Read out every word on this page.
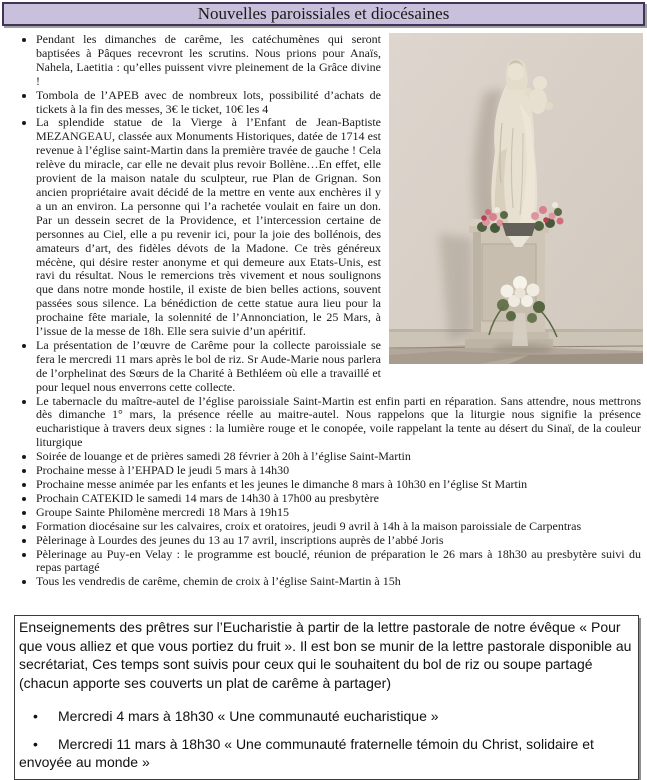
Nouvelles paroissiales et diocésaines
• Pendant les dimanches de carême, les catéchumènes qui seront baptisées à Pâques recevront les scrutins. Nous prions pour Anaïs, Nahela, Laetitia : qu’elles puissent vivre pleinement de la Grâce divine !
• Tombola de l’APEB avec de nombreux lots, possibilité d’achats de tickets à la fin des messes, 3€ le ticket, 10€ les 4
• La splendide statue de la Vierge à l’Enfant de Jean-Baptiste MEZANGEAU, classée aux Monuments Historiques, datée de 1714 est revenue à l’église saint-Martin dans la première travée de gauche ! Cela relève du miracle, car elle ne devait plus revoir Bollène…En effet, elle provient de la maison natale du sculpteur, rue Plan de Grignan. Son ancien propriétaire avait décidé de la mettre en vente aux enchères il y a un an environ. La personne qui l’a rachetée voulait en faire un don. Par un dessein secret de la Providence, et l’intercession certaine de personnes au Ciel, elle a pu revenir ici, pour la joie des bollénois, des amateurs d’art, des fidèles dévots de la Madone. Ce très généreux mécène, qui désire rester anonyme et qui demeure aux Etats-Unis, est ravi du résultat. Nous le remercions très vivement et nous soulignons que dans notre monde hostile, il existe de bien belles actions, souvent passées sous silence. La bénédiction de cette statue aura lieu pour la prochaine fête mariale, la solennité de l’Annonciation, le 25 Mars, à l’issue de la messe de 18h. Elle sera suivie d’un apéritif.
• La présentation de l’œuvre de Carême pour la collecte paroissiale se fera le mercredi 11 mars après le bol de riz. Sr Aude-Marie nous parlera de l’orphelinat des Sœurs de la Charité à Bethléem où elle a travaillé et pour lequel nous enverrons cette collecte.
• Le tabernacle du maître-autel de l’église paroissiale Saint-Martin est enfin parti en réparation. Sans attendre, nous mettrons dès dimanche 1° mars, la présence réelle au maitre-autel. Nous rappelons que la liturgie nous signifie la présence eucharistique à travers deux signes : la lumière rouge et le conopée, voile rappelant la tente au désert du Sinaï, de la couleur liturgique
• Soirée de louange et de prières samedi 28 février à 20h à l’église Saint-Martin
• Prochaine messe à l’EHPAD le jeudi 5 mars à 14h30
• Prochaine messe animée par les enfants et les jeunes le dimanche 8 mars à 10h30 en l’église St Martin
• Prochain CATEKID le samedi 14 mars de 14h30 à 17h00 au presbytère
• Groupe Sainte Philomène mercredi 18 Mars à 19h15
• Formation diocésaine sur les calvaires, croix et oratoires, jeudi 9 avril à 14h à la maison paroissiale de Carpentras
• Pèlerinage à Lourdes des jeunes du 13 au 17 avril, inscriptions auprès de l’abbé Joris
• Pèlerinage au Puy-en Velay : le programme est bouclé, réunion de préparation le 26 mars à 18h30 au presbytère suivi du repas partagé
• Tous les vendredis de carême, chemin de croix à l’église Saint-Martin à 15h

Enseignements des prêtres sur l’Eucharistie à partir de la lettre pastorale de notre évêque « Pour que vous alliez et que vous portiez du fruit ». Il est bon se munir de la lettre pastorale disponible au secrétariat, Ces temps sont suivis pour ceux qui le souhaitent du bol de riz ou soupe partagé (chacun apporte ses couverts un plat de carême à partager)

• Mercredi 4 mars à 18h30 « Une communauté eucharistique »

• Mercredi 11 mars à 18h30 « Une communauté fraternelle témoin du Christ, solidaire et envoyée au monde »
